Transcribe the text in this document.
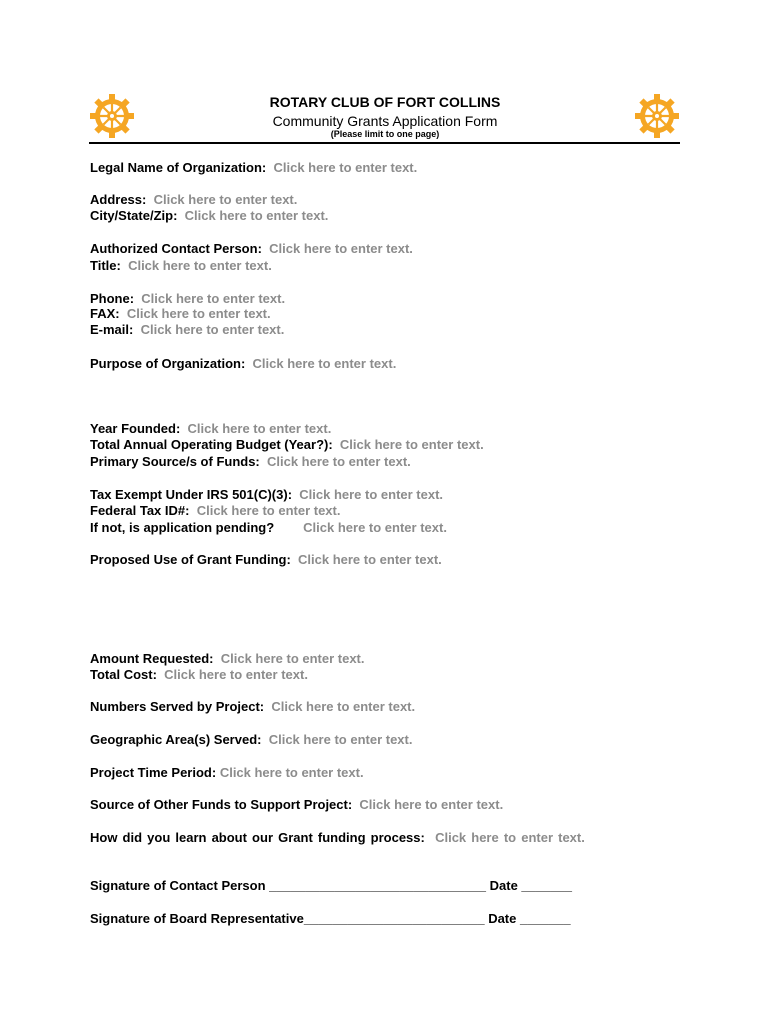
ROTARY CLUB OF FORT COLLINS
Community Grants Application Form
(Please limit to one page)
Legal Name of Organization: Click here to enter text.
Address: Click here to enter text.
City/State/Zip: Click here to enter text.
Authorized Contact Person: Click here to enter text.
Title: Click here to enter text.
Phone: Click here to enter text.
FAX: Click here to enter text.
E-mail: Click here to enter text.
Purpose of Organization: Click here to enter text.
Year Founded: Click here to enter text.
Total Annual Operating Budget (Year?): Click here to enter text.
Primary Source/s of Funds: Click here to enter text.
Tax Exempt Under IRS 501(C)(3): Click here to enter text.
Federal Tax ID#: Click here to enter text.
If not, is application pending? Click here to enter text.
Proposed Use of Grant Funding: Click here to enter text.
Amount Requested: Click here to enter text.
Total Cost: Click here to enter text.
Numbers Served by Project: Click here to enter text.
Geographic Area(s) Served: Click here to enter text.
Project Time Period: Click here to enter text.
Source of Other Funds to Support Project: Click here to enter text.
How did you learn about our Grant funding process: Click here to enter text.
Signature of Contact Person ______________________________ Date _______
Signature of Board Representative_________________________ Date _______
